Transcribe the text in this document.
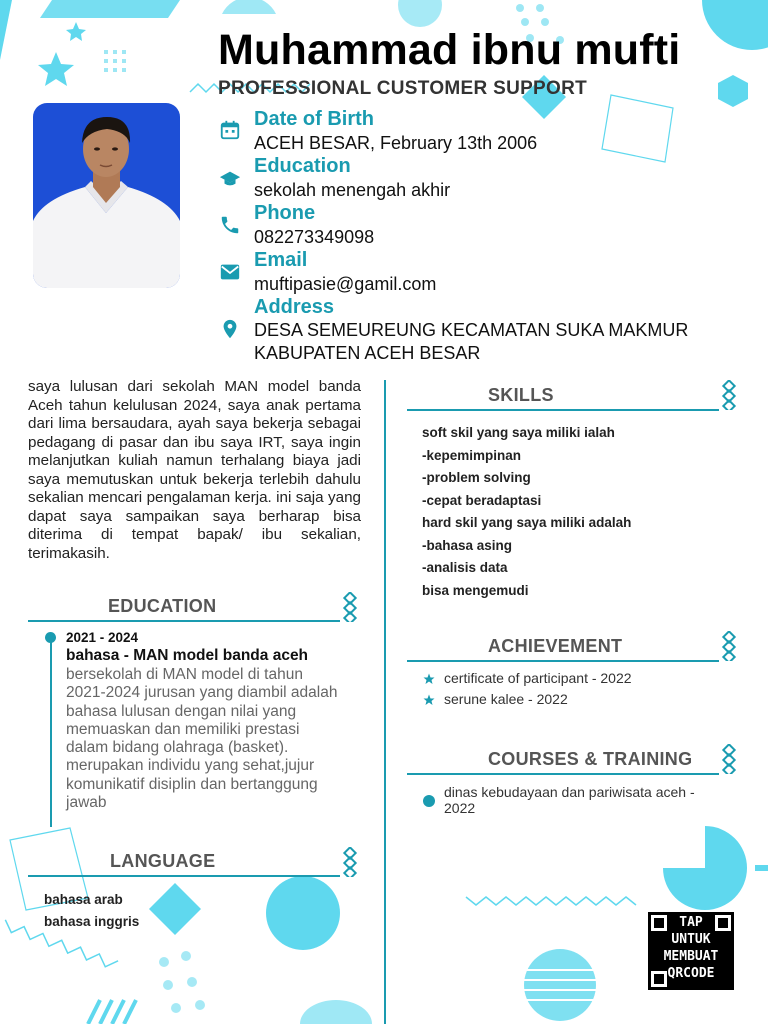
Muhammad ibnu mufti
PROFESSIONAL CUSTOMER SUPPORT
Date of Birth
ACEH BESAR, February 13th 2006
Education
sekolah menengah akhir
Phone
082273349098
Email
muftipasie@gamil.com
Address
DESA SEMEUREUNG KECAMATAN SUKA MAKMUR
KABUPATEN ACEH BESAR
saya lulusan dari sekolah MAN model banda Aceh tahun kelulusan 2024, saya anak pertama dari lima bersaudara, ayah saya bekerja sebagai pedagang di pasar dan ibu saya IRT, saya ingin melanjutkan kuliah namun terhalang biaya jadi saya memutuskan untuk bekerja terlebih dahulu sekalian mencari pengalaman kerja. ini saja yang dapat saya sampaikan saya berharap bisa diterima di tempat bapak/ ibu sekalian, terimakasih.
EDUCATION
2021 - 2024
bahasa - MAN model banda aceh
bersekolah di MAN model di tahun 2021-2024 jurusan yang diambil adalah bahasa lulusan dengan nilai yang memuaskan dan memiliki prestasi dalam bidang olahraga (basket). merupakan individu yang sehat,jujur komunikatif disiplin dan bertanggung jawab
LANGUAGE
bahasa arab
bahasa inggris
SKILLS
soft skil yang saya miliki ialah
-kepemimpinan
-problem solving
-cepat beradaptasi
hard skil yang saya miliki adalah
-bahasa asing
-analisis data
bisa mengemudi
ACHIEVEMENT
certificate of participant - 2022
serune kalee - 2022
COURSES & TRAINING
dinas kebudayaan dan pariwisata aceh -
2022
TAP
UNTUK
MEMBUAT
QRCODE
